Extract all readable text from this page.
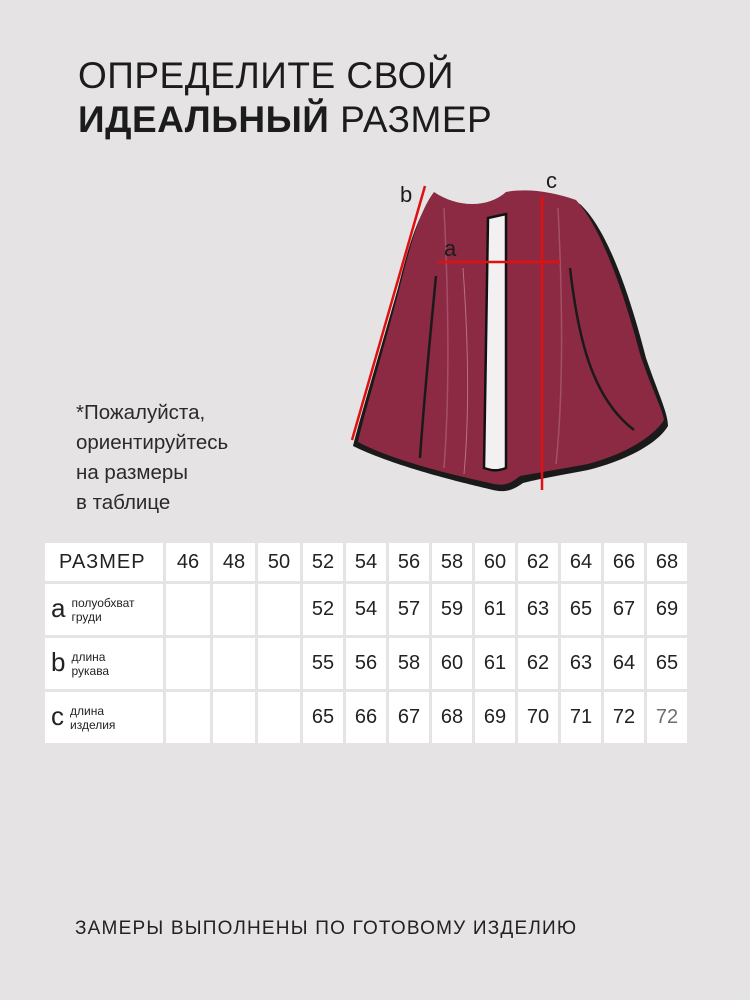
ОПРЕДЕЛИТЕ СВОЙ
ИДЕАЛЬНЫЙ РАЗМЕР
a
b
c
*Пожалуйста,
ориентируйтесь
на размеры
в таблице
РАЗМЕР	46	48	50	52	54	56	58	60	62	64	66	68

a полуобхват
груди				52	54	57	59	61	63	65	67	69

b длина
рукава				55	56	58	60	61	62	63	64	65

c длина
изделия				65	66	67	68	69	70	71	72	72
ЗАМЕРЫ ВЫПОЛНЕНЫ ПО ГОТОВОМУ ИЗДЕЛИЮ
